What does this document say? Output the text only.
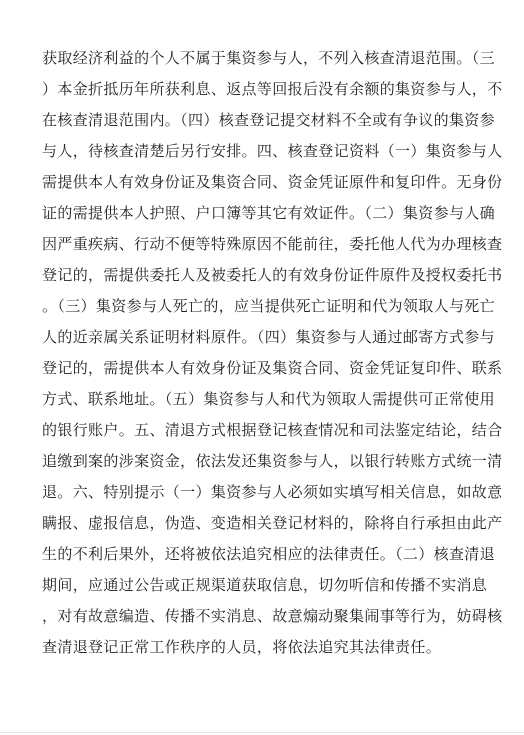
获取经济利益的个人不属于集资参与人，不列入核查清退范围。（三
）本金折抵历年所获利息、返点等回报后没有余额的集资参与人，不
在核查清退范围内。（四）核查登记提交材料不全或有争议的集资参
与人，待核查清楚后另行安排。四、核查登记资料（一）集资参与人
需提供本人有效身份证及集资合同、资金凭证原件和复印件。无身份
证的需提供本人护照、户口簿等其它有效证件。（二）集资参与人确
因严重疾病、行动不便等特殊原因不能前往，委托他人代为办理核查
登记的，需提供委托人及被委托人的有效身份证件原件及授权委托书
。（三）集资参与人死亡的，应当提供死亡证明和代为领取人与死亡
人的近亲属关系证明材料原件。（四）集资参与人通过邮寄方式参与
登记的，需提供本人有效身份证及集资合同、资金凭证复印件、联系
方式、联系地址。（五）集资参与人和代为领取人需提供可正常使用
的银行账户。五、清退方式根据登记核查情况和司法鉴定结论，结合
追缴到案的涉案资金，依法发还集资参与人，以银行转账方式统一清
退。六、特别提示（一）集资参与人必须如实填写相关信息，如故意
瞒报、虚报信息，伪造、变造相关登记材料的，除将自行承担由此产
生的不利后果外，还将被依法追究相应的法律责任。（二）核查清退
期间，应通过公告或正规渠道获取信息，切勿听信和传播不实消息
，对有故意编造、传播不实消息、故意煽动聚集闹事等行为，妨碍核
查清退登记正常工作秩序的人员，将依法追究其法律责任。
